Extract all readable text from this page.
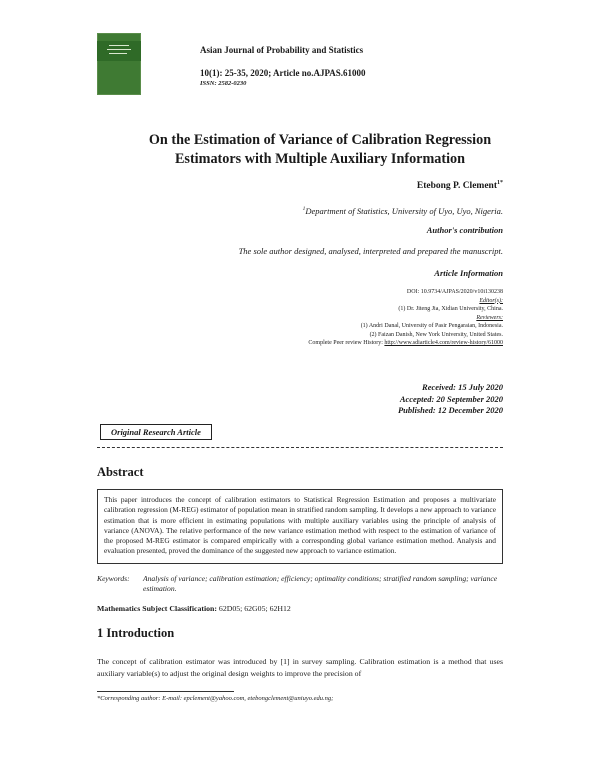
Asian Journal of Probability and Statistics
10(1): 25-35, 2020; Article no.AJPAS.61000
ISSN: 2582-0230
On the Estimation of Variance of Calibration Regression
Estimators with Multiple Auxiliary Information
Etebong P. Clement$^{1*}$
$^1$Department of Statistics, University of Uyo, Uyo, Nigeria.
Author's contribution
The sole author designed, analysed, interpreted and prepared the manuscript.
Article Information
DOI: 10.9734/AJPAS/2020/v10i130238
Editor(s):
(1) Dr. Jiteng Jia, Xidian University, China.
Reviewers:
(1) Andri Danal, University of Pasir Pengaraian, Indonesia.
(2) Faizan Danish, New York University, United States.
Complete Peer review History: http://www.sdiarticle4.com/review-history/61000
Received: 15 July 2020
Accepted: 20 September 2020
Published: 12 December 2020
Original Research Article
Abstract
This paper introduces the concept of calibration estimators to Statistical Regression Estimation and proposes a multivariate calibration regression (M-REG) estimator of population mean in stratified random sampling. It develops a new approach to variance estimation that is more efficient in estimating populations with multiple auxiliary variables using the principle of analysis of variance (ANOVA). The relative performance of the new variance estimation method with respect to the estimation of variance of the proposed M-REG estimator is compared empirically with a corresponding global variance estimation method. Analysis and evaluation presented, proved the dominance of the suggested new approach to variance estimation.
Keywords: Analysis of variance; calibration estimation; efficiency; optimality conditions; stratified random sampling; variance estimation.
Mathematics Subject Classification: 62D05; 62G05; 62H12
1 Introduction
The concept of calibration estimator was introduced by [1] in survey sampling. Calibration estimation is a method that uses auxiliary variable(s) to adjust the original design weights to improve the precision of
*Corresponding author: E-mail: epclement@yahoo.com, etebongclement@uniuyo.edu.ng;
